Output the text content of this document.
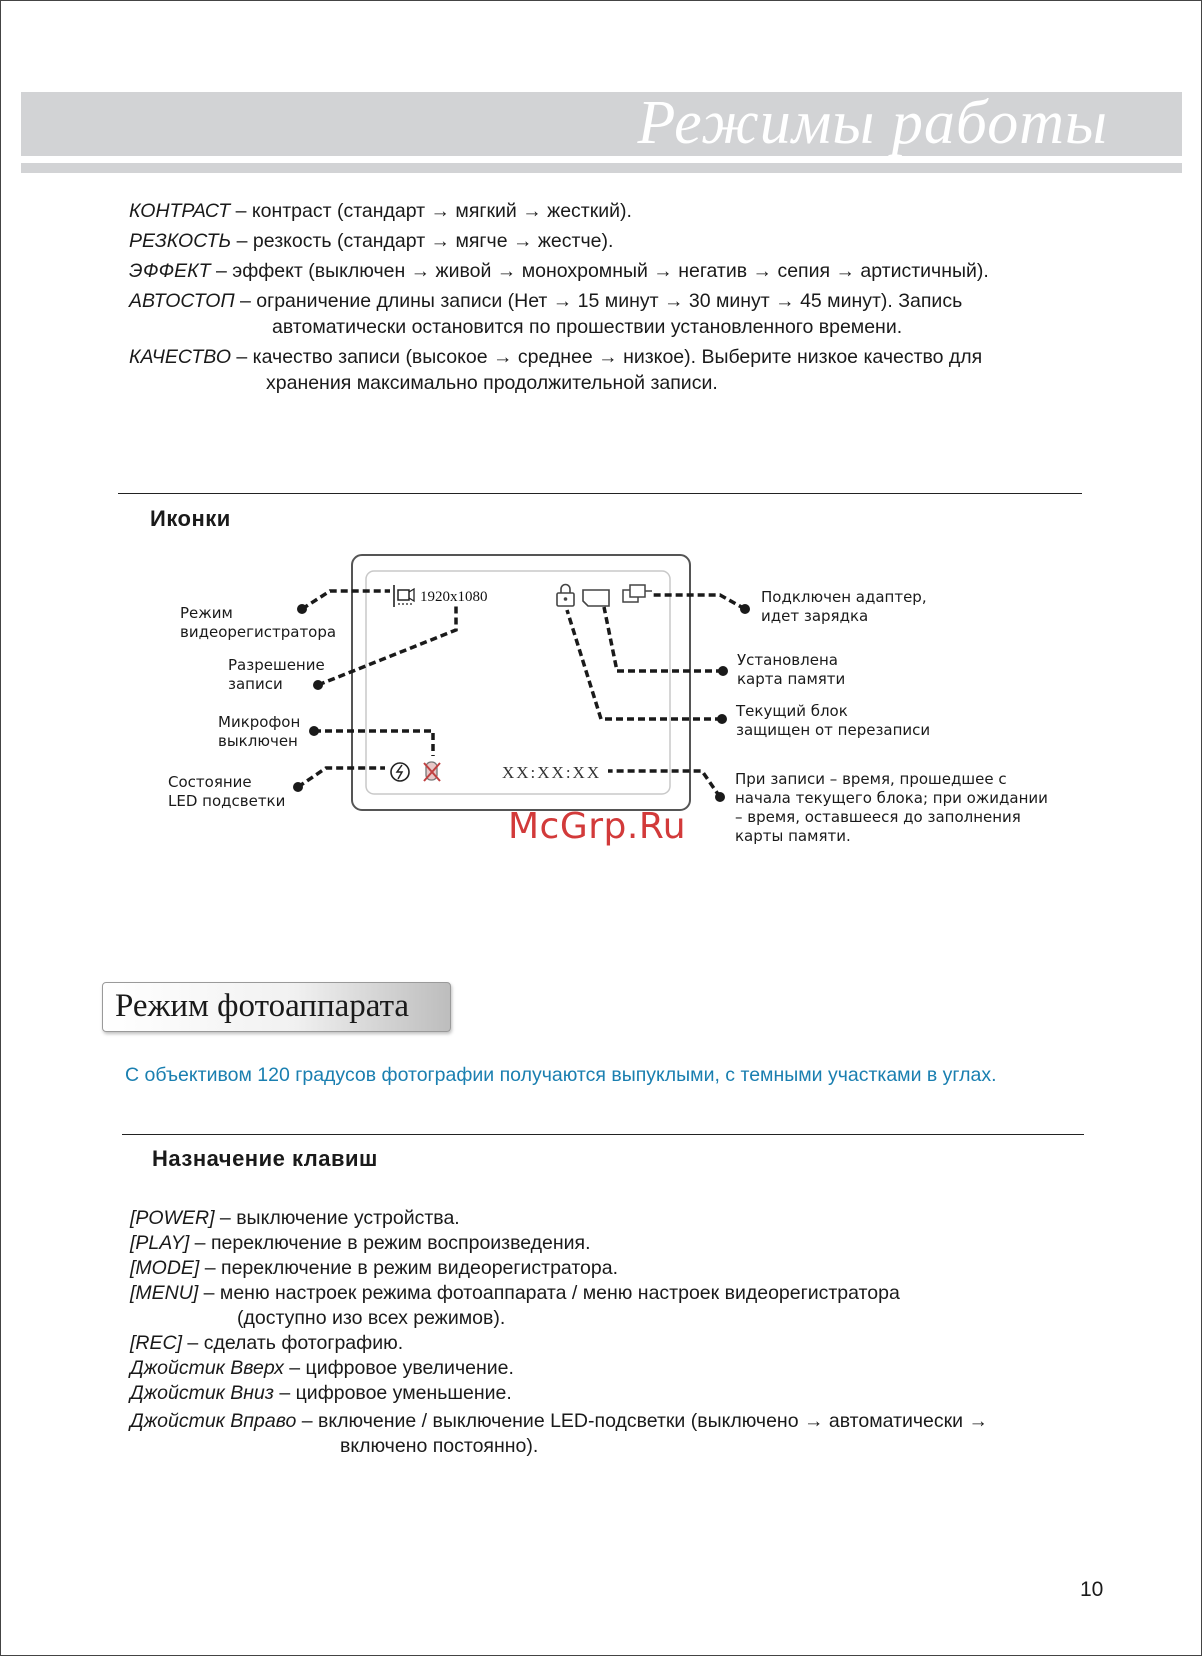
Режимы работы
КОНТРАСТ – контраст (стандарт → мягкий → жесткий).
РЕЗКОСТЬ – резкость (стандарт → мягче → жестче).
ЭФФЕКТ – эффект (выключен → живой → монохромный → негатив → сепия → артистичный).
АВТОСТОП – ограничение длины записи (Нет → 15 минут → 30 минут → 45 минут). Запись
автоматически остановится по прошествии установленного времени.
КАЧЕСТВО – качество записи (высокое → среднее → низкое). Выберите низкое качество для
хранения максимально продолжительной записи.
Иконки
1920x1080
XX:XX:XX
Режим
видеорегистратора
Разрешение
записи
Микрофон
выключен
Состояние
LED подсветки
Подключен адаптер,
идет зарядка
Установлена
карта памяти
Текущий блок
защищен от перезаписи
При записи – время, прошедшее с
начала текущего блока; при ожидании
– время, оставшееся до заполнения
карты памяти.
McGrp.Ru
Режим фотоаппарата
С объективом 120 градусов фотографии получаются выпуклыми, с темными участками в углах.
Назначение клавиш
[POWER] – выключение устройства.
[PLAY] – переключение в режим воспроизведения.
[MODE] – переключение в режим видеорегистратора.
[MENU] – меню настроек режима фотоаппарата / меню настроек видеорегистратора
(доступно изо всех режимов).
[REC] – сделать фотографию.
Джойстик Вверх – цифровое увеличение.
Джойстик Вниз – цифровое уменьшение.
Джойстик Вправо – включение / выключение LED-подсветки (выключено → автоматически →
включено постоянно).
10
